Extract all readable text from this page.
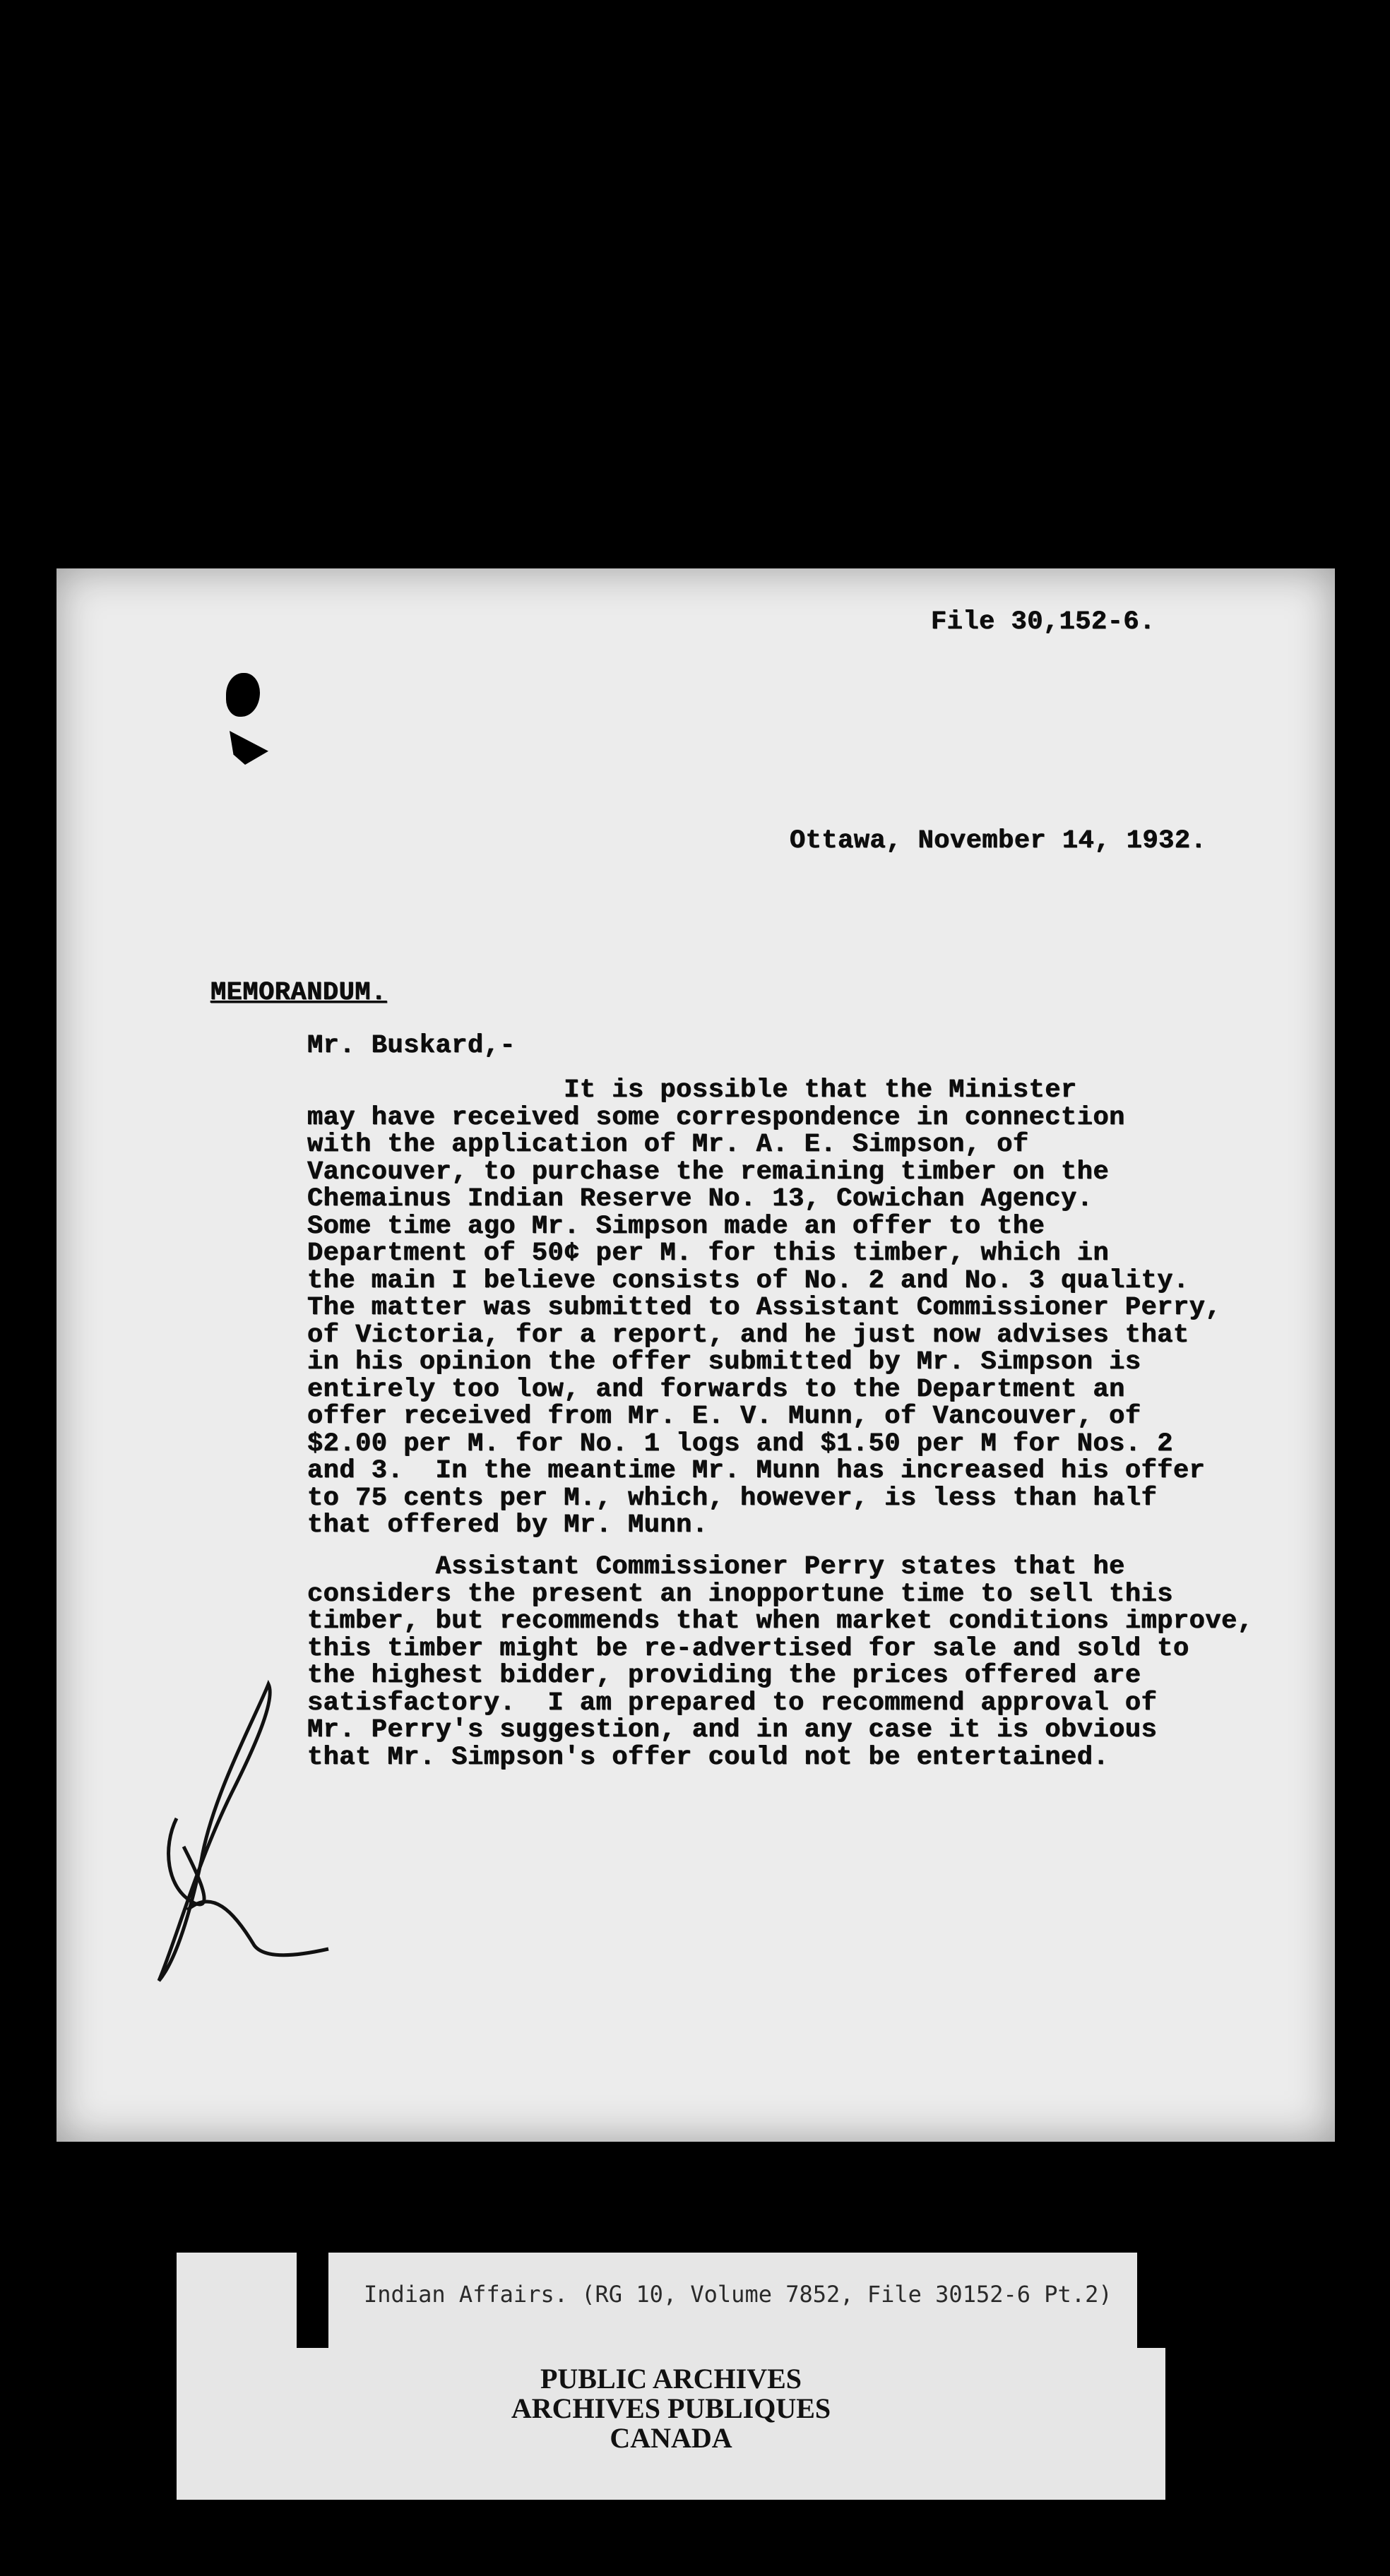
File 30,152-6.
Ottawa, November 14, 1932.
MEMORANDUM.
Mr. Buskard,-
It is possible that the Minister
may have received some correspondence in connection
with the application of Mr. A. E. Simpson, of
Vancouver, to purchase the remaining timber on the
Chemainus Indian Reserve No. 13, Cowichan Agency.
Some time ago Mr. Simpson made an offer to the
Department of 50¢ per M. for this timber, which in
the main I believe consists of No. 2 and No. 3 quality.
The matter was submitted to Assistant Commissioner Perry,
of Victoria, for a report, and he just now advises that
in his opinion the offer submitted by Mr. Simpson is
entirely too low, and forwards to the Department an
offer received from Mr. E. V. Munn, of Vancouver, of
$2.00 per M. for No. 1 logs and $1.50 per M for Nos. 2
and 3.  In the meantime Mr. Munn has increased his offer
to 75 cents per M., which, however, is less than half
that offered by Mr. Munn.
Assistant Commissioner Perry states that he
considers the present an inopportune time to sell this
timber, but recommends that when market conditions improve,
this timber might be re-advertised for sale and sold to
the highest bidder, providing the prices offered are
satisfactory.  I am prepared to recommend approval of
Mr. Perry's suggestion, and in any case it is obvious
that Mr. Simpson's offer could not be entertained.
Indian Affairs. (RG 10, Volume 7852, File 30152-6 Pt.2)
PUBLIC ARCHIVES
ARCHIVES PUBLIQUES
CANADA
